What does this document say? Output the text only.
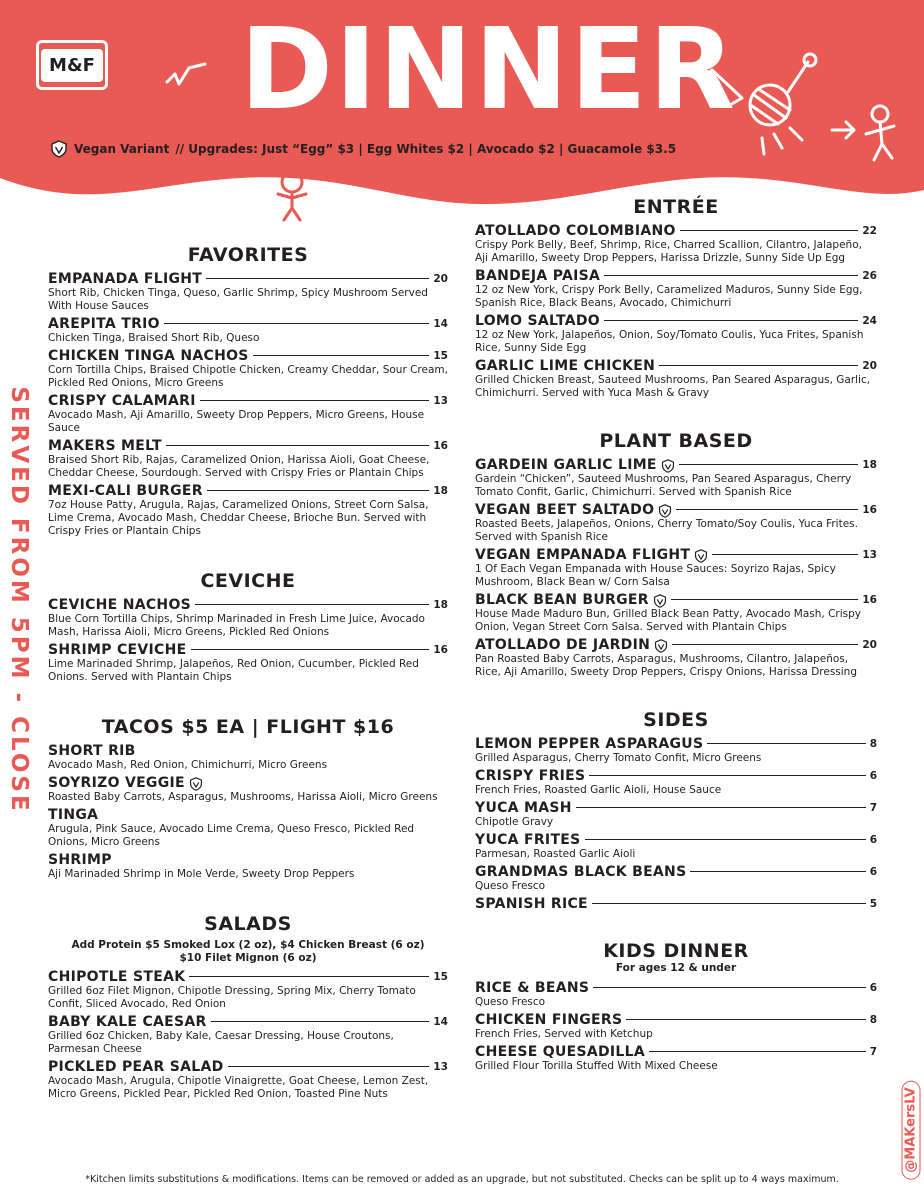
M&F DINNER
Vegan Variant // Upgrades: Just “Egg” $3 | Egg Whites $2 | Avocado $2 | Guacamole $3.5
SERVED FROM 5PM - CLOSE
@MAKersLV
FAVORITES
EMPANADA FLIGHT	20
Short Rib, Chicken Tinga, Queso, Garlic Shrimp, Spicy Mushroom Served With House Sauces
AREPITA TRIO	14
Chicken Tinga, Braised Short Rib, Queso
CHICKEN TINGA NACHOS	15
Corn Tortilla Chips, Braised Chipotle Chicken, Creamy Cheddar, Sour Cream, Pickled Red Onions, Micro Greens
CRISPY CALAMARI	13
Avocado Mash, Aji Amarillo, Sweety Drop Peppers, Micro Greens, House Sauce
MAKERS MELT	16
Braised Short Rib, Rajas, Caramelized Onion, Harissa Aioli, Goat Cheese, Cheddar Cheese, Sourdough. Served with Crispy Fries or Plantain Chips
MEXI-CALI BURGER	18
7oz House Patty, Arugula, Rajas, Caramelized Onions, Street Corn Salsa, Lime Crema, Avocado Mash, Cheddar Cheese, Brioche Bun. Served with Crispy Fries or Plantain Chips
CEVICHE
CEVICHE NACHOS	18
Blue Corn Tortilla Chips, Shrimp Marinaded in Fresh Lime Juice, Avocado Mash, Harissa Aioli, Micro Greens, Pickled Red Onions
SHRIMP CEVICHE	16
Lime Marinaded Shrimp, Jalapeños, Red Onion, Cucumber, Pickled Red Onions. Served with Plantain Chips
TACOS $5 EA | FLIGHT $16
SHORT RIB
Avocado Mash, Red Onion, Chimichurri, Micro Greens
SOYRIZO VEGGIE
Roasted Baby Carrots, Asparagus, Mushrooms, Harissa Aioli, Micro Greens
TINGA
Arugula, Pink Sauce, Avocado Lime Crema, Queso Fresco, Pickled Red Onions, Micro Greens
SHRIMP
Aji Marinaded Shrimp in Mole Verde, Sweety Drop Peppers
SALADS
Add Protein $5 Smoked Lox (2 oz), $4 Chicken Breast (6 oz)
$10 Filet Mignon (6 oz)
CHIPOTLE STEAK	15
Grilled 6oz Filet Mignon, Chipotle Dressing, Spring Mix, Cherry Tomato Confit, Sliced Avocado, Red Onion
BABY KALE CAESAR	14
Grilled 6oz Chicken, Baby Kale, Caesar Dressing, House Croutons, Parmesan Cheese
PICKLED PEAR SALAD	13
Avocado Mash, Arugula, Chipotle Vinaigrette, Goat Cheese, Lemon Zest, Micro Greens, Pickled Pear, Pickled Red Onion, Toasted Pine Nuts
ENTRÉE
ATOLLADO COLOMBIANO	22
Crispy Pork Belly, Beef, Shrimp, Rice, Charred Scallion, Cilantro, Jalapeño, Aji Amarillo, Sweety Drop Peppers, Harissa Drizzle, Sunny Side Up Egg
BANDEJA PAISA	26
12 oz New York, Crispy Pork Belly, Caramelized Maduros, Sunny Side Egg, Spanish Rice, Black Beans, Avocado, Chimichurri
LOMO SALTADO	24
12 oz New York, Jalapeños, Onion, Soy/Tomato Coulis, Yuca Frites, Spanish Rice, Sunny Side Egg
GARLIC LIME CHICKEN	20
Grilled Chicken Breast, Sauteed Mushrooms, Pan Seared Asparagus, Garlic, Chimichurri. Served with Yuca Mash & Gravy
PLANT BASED
GARDEIN GARLIC LIME	18
Gardein “Chicken”, Sauteed Mushrooms, Pan Seared Asparagus, Cherry Tomato Confit, Garlic, Chimichurri. Served with Spanish Rice
VEGAN BEET SALTADO	16
Roasted Beets, Jalapeños, Onions, Cherry Tomato/Soy Coulis, Yuca Frites. Served with Spanish Rice
VEGAN EMPANADA FLIGHT	13
1 Of Each Vegan Empanada with House Sauces: Soyrizo Rajas, Spicy Mushroom, Black Bean w/ Corn Salsa
BLACK BEAN BURGER	16
House Made Maduro Bun, Grilled Black Bean Patty, Avocado Mash, Crispy Onion, Vegan Street Corn Salsa. Served with Plantain Chips
ATOLLADO DE JARDIN	20
Pan Roasted Baby Carrots, Asparagus, Mushrooms, Cilantro, Jalapeños, Rice, Aji Amarillo, Sweety Drop Peppers, Crispy Onions, Harissa Dressing
SIDES
LEMON PEPPER ASPARAGUS	8
Grilled Asparagus, Cherry Tomato Confit, Micro Greens
CRISPY FRIES	6
French Fries, Roasted Garlic Aioli, House Sauce
YUCA MASH	7
Chipotle Gravy
YUCA FRITES	6
Parmesan, Roasted Garlic Aioli
GRANDMAS BLACK BEANS	6
Queso Fresco
SPANISH RICE	5
KIDS DINNER
For ages 12 & under
RICE & BEANS	6
Queso Fresco
CHICKEN FINGERS	8
French Fries, Served with Ketchup
CHEESE QUESADILLA	7
Grilled Flour Torilla Stuffed With Mixed Cheese
*Kitchen limits substitutions & modifications. Items can be removed or added as an upgrade, but not substituted. Checks can be split up to 4 ways maximum.
